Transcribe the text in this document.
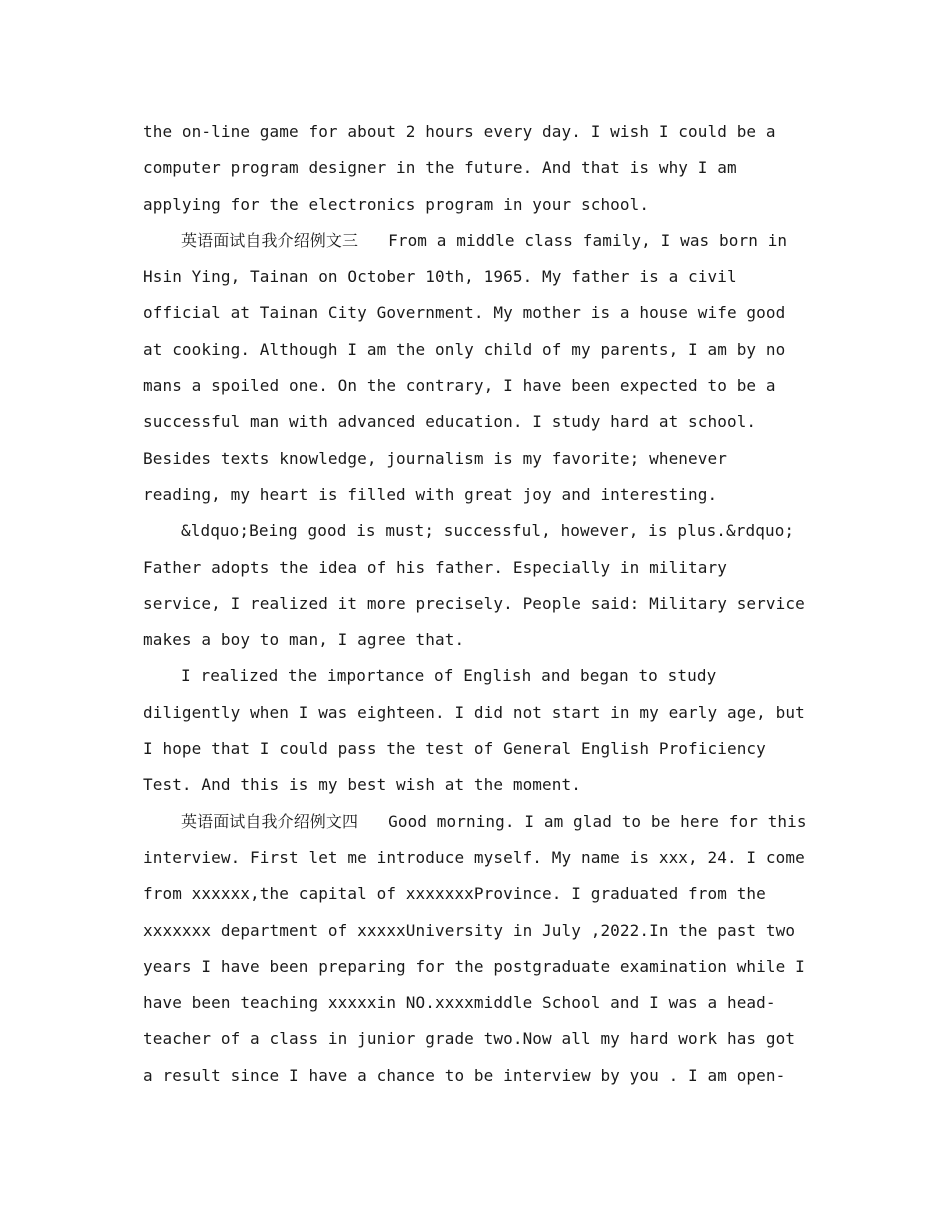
the on-line game for about 2 hours every day. I wish I could be a computer program designer in the future. And that is why I am applying for the electronics program in your school.

英语面试自我介绍例文三 From a middle class family, I was born in Hsin Ying, Tainan on October 10th, 1965. My father is a civil official at Tainan City Government. My mother is a house wife good at cooking. Although I am the only child of my parents, I am by no mans a spoiled one. On the contrary, I have been expected to be a successful man with advanced education. I study hard at school. Besides texts knowledge, journalism is my favorite; whenever reading, my heart is filled with great joy and interesting.

&ldquo;Being good is must; successful, however, is plus.&rdquo; Father adopts the idea of his father. Especially in military service, I realized it more precisely. People said: Military service makes a boy to man, I agree that.

I realized the importance of English and began to study diligently when I was eighteen. I did not start in my early age, but I hope that I could pass the test of General English Proficiency Test. And this is my best wish at the moment.

英语面试自我介绍例文四 Good morning. I am glad to be here for this interview. First let me introduce myself. My name is xxx, 24. I come from xxxxxx,the capital of xxxxxxxProvince. I graduated from the xxxxxxx department of xxxxxUniversity in July ,2022.In the past two years I have been preparing for the postgraduate examination while I have been teaching xxxxxin NO.xxxxmiddle School and I was a head-teacher of a class in junior grade two.Now all my hard work has got a result since I have a chance to be interview by you . I am open-
